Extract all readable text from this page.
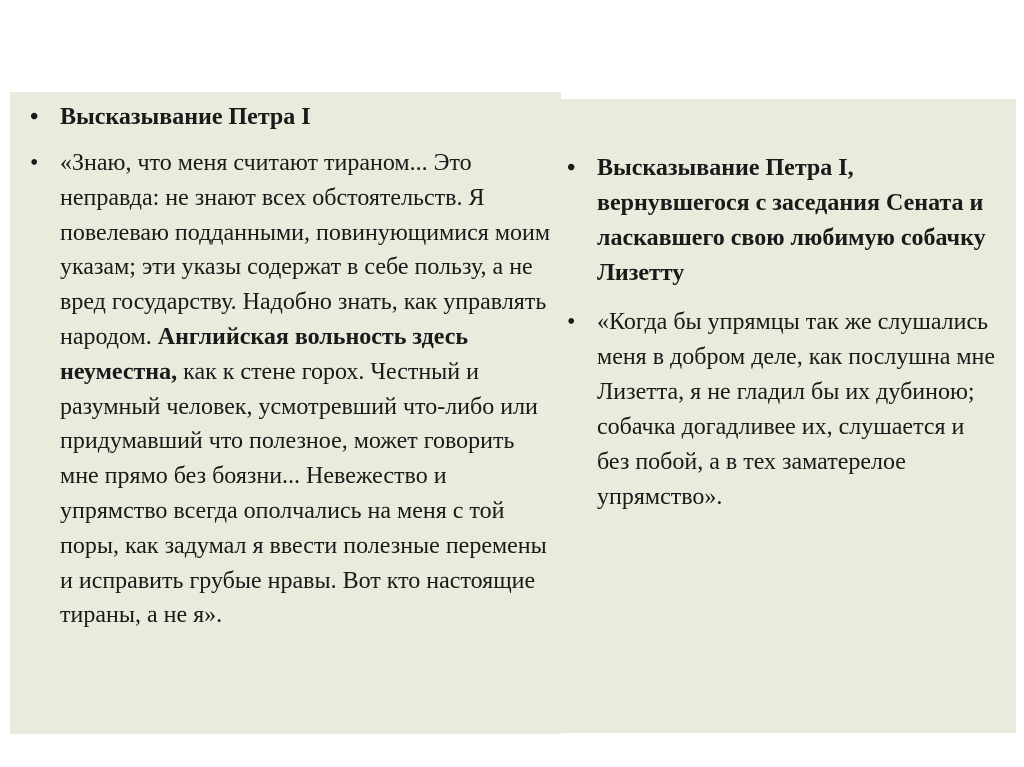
• Высказывание Петра I
• «Знаю, что меня считают тираном... Это неправда: не знают всех обстоятельств. Я повелеваю подданными, повинующимися моим указам; эти указы содержат в себе пользу, а не вред государству. Надобно знать, как управлять народом. Английская вольность здесь неуместна, как к стене горох. Честный и разумный человек, усмотревший что-либо или придумавший что полезное, может говорить мне прямо без боязни... Невежество и упрямство всегда ополчались на меня с той поры, как задумал я ввести полезные перемены и исправить грубые нравы. Вот кто настоящие тираны, а не я».
• Высказывание Петра I, вернувшегося с заседания Сената и ласкавшего свою любимую собачку Лизетту
• «Когда бы упрямцы так же слушались меня в добром деле, как послушна мне Лизетта, я не гладил бы их дубиною; собачка догадливее их, слушается и без побой, а в тех заматерелое упрямство».
